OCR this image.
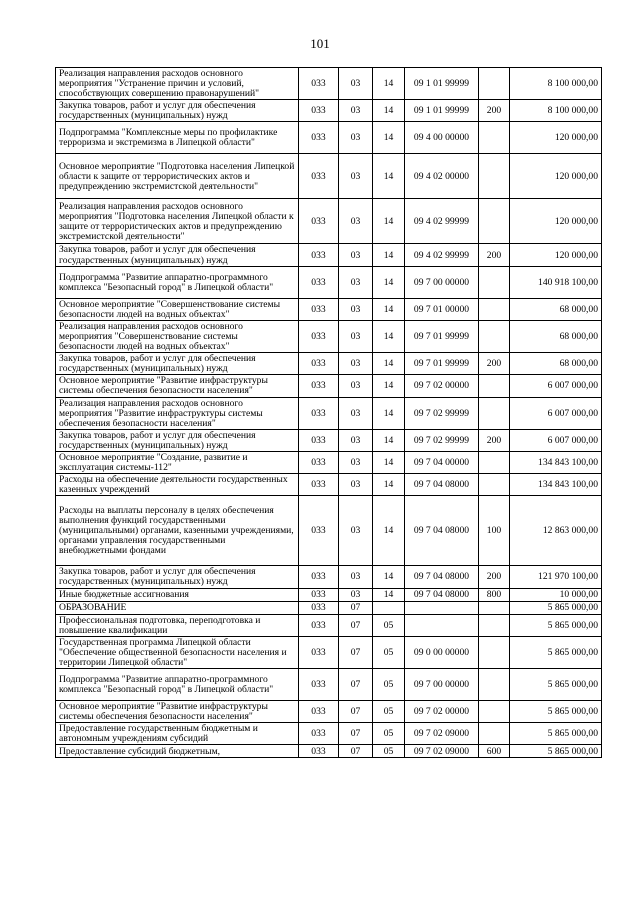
101
Реализация направления расходов основного мероприятия "Устранение причин и условий, способствующих совершению правонарушений"	033	03	14	09 1 01 99999		8 100 000,00
Закупка товаров, работ и услуг для обеспечения государственных (муниципальных) нужд	033	03	14	09 1 01 99999	200	8 100 000,00
Подпрограмма "Комплексные меры по профилактике терроризма и экстремизма в Липецкой области"	033	03	14	09 4 00 00000		120 000,00
Основное мероприятие "Подготовка населения Липецкой области к защите от террористических актов и предупреждению экстремистской деятельности"	033	03	14	09 4 02 00000		120 000,00
Реализация направления расходов основного мероприятия "Подготовка населения Липецкой области к защите от террористических актов и предупреждению экстремистской деятельности"	033	03	14	09 4 02 99999		120 000,00
Закупка товаров, работ и услуг для обеспечения государственных (муниципальных) нужд	033	03	14	09 4 02 99999	200	120 000,00
Подпрограмма "Развитие аппаратно-программного комплекса "Безопасный город" в Липецкой области"	033	03	14	09 7 00 00000		140 918 100,00
Основное мероприятие "Совершенствование системы безопасности людей на водных объектах"	033	03	14	09 7 01 00000		68 000,00
Реализация направления расходов основного мероприятия "Совершенствование системы безопасности людей на водных объектах"	033	03	14	09 7 01 99999		68 000,00
Закупка товаров, работ и услуг для обеспечения государственных (муниципальных) нужд	033	03	14	09 7 01 99999	200	68 000,00
Основное мероприятие "Развитие инфраструктуры системы обеспечения безопасности населения"	033	03	14	09 7 02 00000		6 007 000,00
Реализация направления расходов основного мероприятия "Развитие инфраструктуры системы обеспечения безопасности населения"	033	03	14	09 7 02 99999		6 007 000,00
Закупка товаров, работ и услуг для обеспечения государственных (муниципальных) нужд	033	03	14	09 7 02 99999	200	6 007 000,00
Основное мероприятие "Создание, развитие и эксплуатация системы-112"	033	03	14	09 7 04 00000		134 843 100,00
Расходы на обеспечение деятельности государственных казенных учреждений	033	03	14	09 7 04 08000		134 843 100,00
Расходы на выплаты персоналу в целях обеспечения выполнения функций государственными (муниципальными) органами, казенными учреждениями, органами управления государственными внебюджетными фондами	033	03	14	09 7 04 08000	100	12 863 000,00
Закупка товаров, работ и услуг для обеспечения государственных (муниципальных) нужд	033	03	14	09 7 04 08000	200	121 970 100,00
Иные бюджетные ассигнования	033	03	14	09 7 04 08000	800	10 000,00
ОБРАЗОВАНИЕ	033	07				5 865 000,00
Профессиональная подготовка, переподготовка и повышение квалификации	033	07	05			5 865 000,00
Государственная программа Липецкой области "Обеспечение общественной безопасности населения и территории Липецкой области"	033	07	05	09 0 00 00000		5 865 000,00
Подпрограмма "Развитие аппаратно-программного комплекса "Безопасный город" в Липецкой области"	033	07	05	09 7 00 00000		5 865 000,00
Основное мероприятие "Развитие инфраструктуры системы обеспечения безопасности населения"	033	07	05	09 7 02 00000		5 865 000,00
Предоставление государственным бюджетным и автономным учреждениям субсидий	033	07	05	09 7 02 09000		5 865 000,00
Предоставление субсидий бюджетным,	033	07	05	09 7 02 09000	600	5 865 000,00
